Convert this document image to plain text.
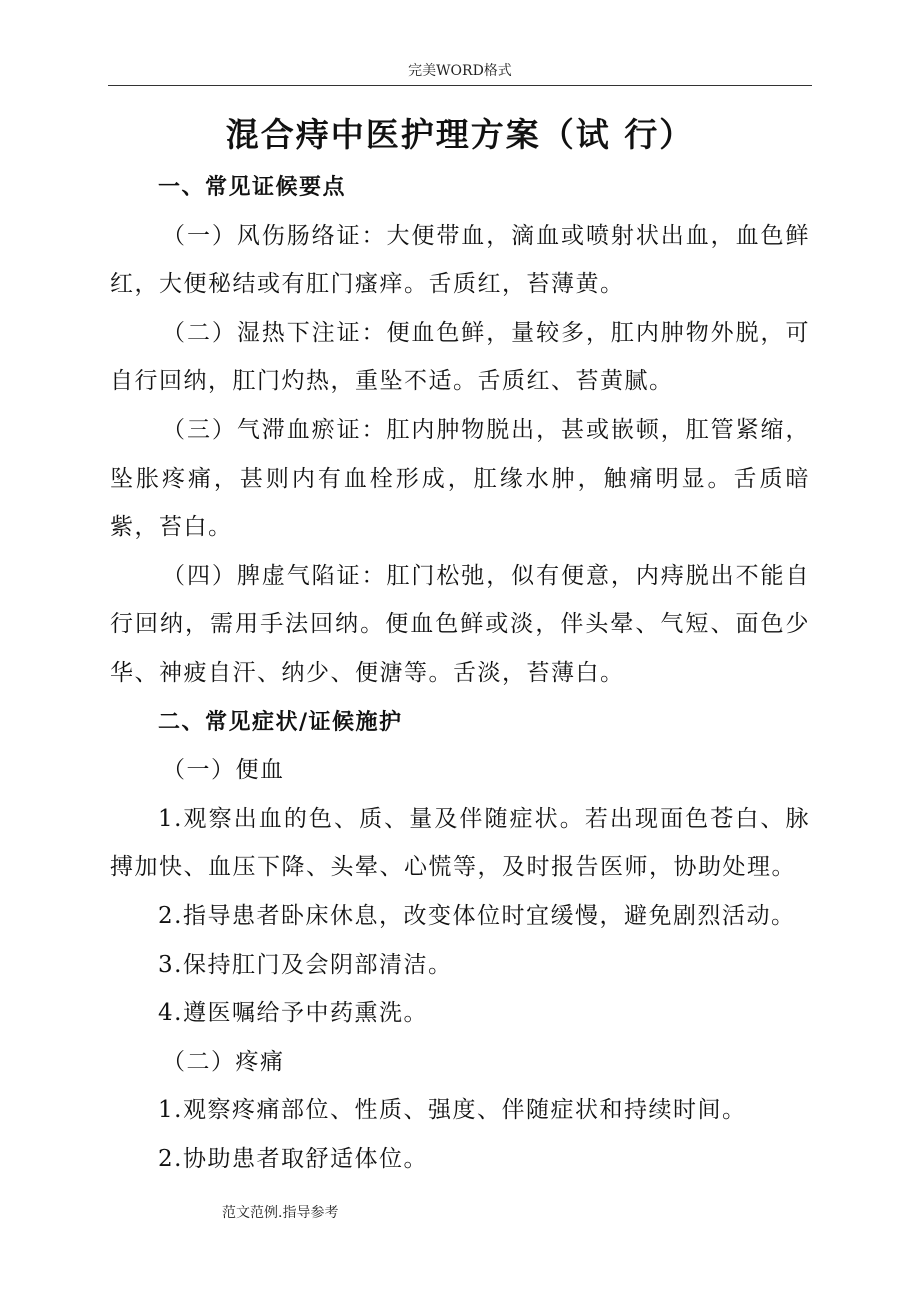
完美WORD格式
混合痔中医护理方案（试 行）

一、常见证候要点

（一）风伤肠络证：大便带血，滴血或喷射状出血，血色鲜红，大便秘结或有肛门瘙痒。舌质红，苔薄黄。

（二）湿热下注证：便血色鲜，量较多，肛内肿物外脱，可自行回纳，肛门灼热，重坠不适。舌质红、苔黄腻。

（三）气滞血瘀证：肛内肿物脱出，甚或嵌顿，肛管紧缩，坠胀疼痛，甚则内有血栓形成，肛缘水肿，触痛明显。舌质暗紫，苔白。

（四）脾虚气陷证：肛门松弛，似有便意，内痔脱出不能自行回纳，需用手法回纳。便血色鲜或淡，伴头晕、气短、面色少华、神疲自汗、纳少、便溏等。舌淡，苔薄白。

二、常见症状/证候施护

（一）便血

1.观察出血的色、质、量及伴随症状。若出现面色苍白、脉搏加快、血压下降、头晕、心慌等，及时报告医师，协助处理。

2.指导患者卧床休息，改变体位时宜缓慢，避免剧烈活动。

3.保持肛门及会阴部清洁。

4.遵医嘱给予中药熏洗。

（二）疼痛

1.观察疼痛部位、性质、强度、伴随症状和持续时间。

2.协助患者取舒适体位。

范文范例.指导参考
